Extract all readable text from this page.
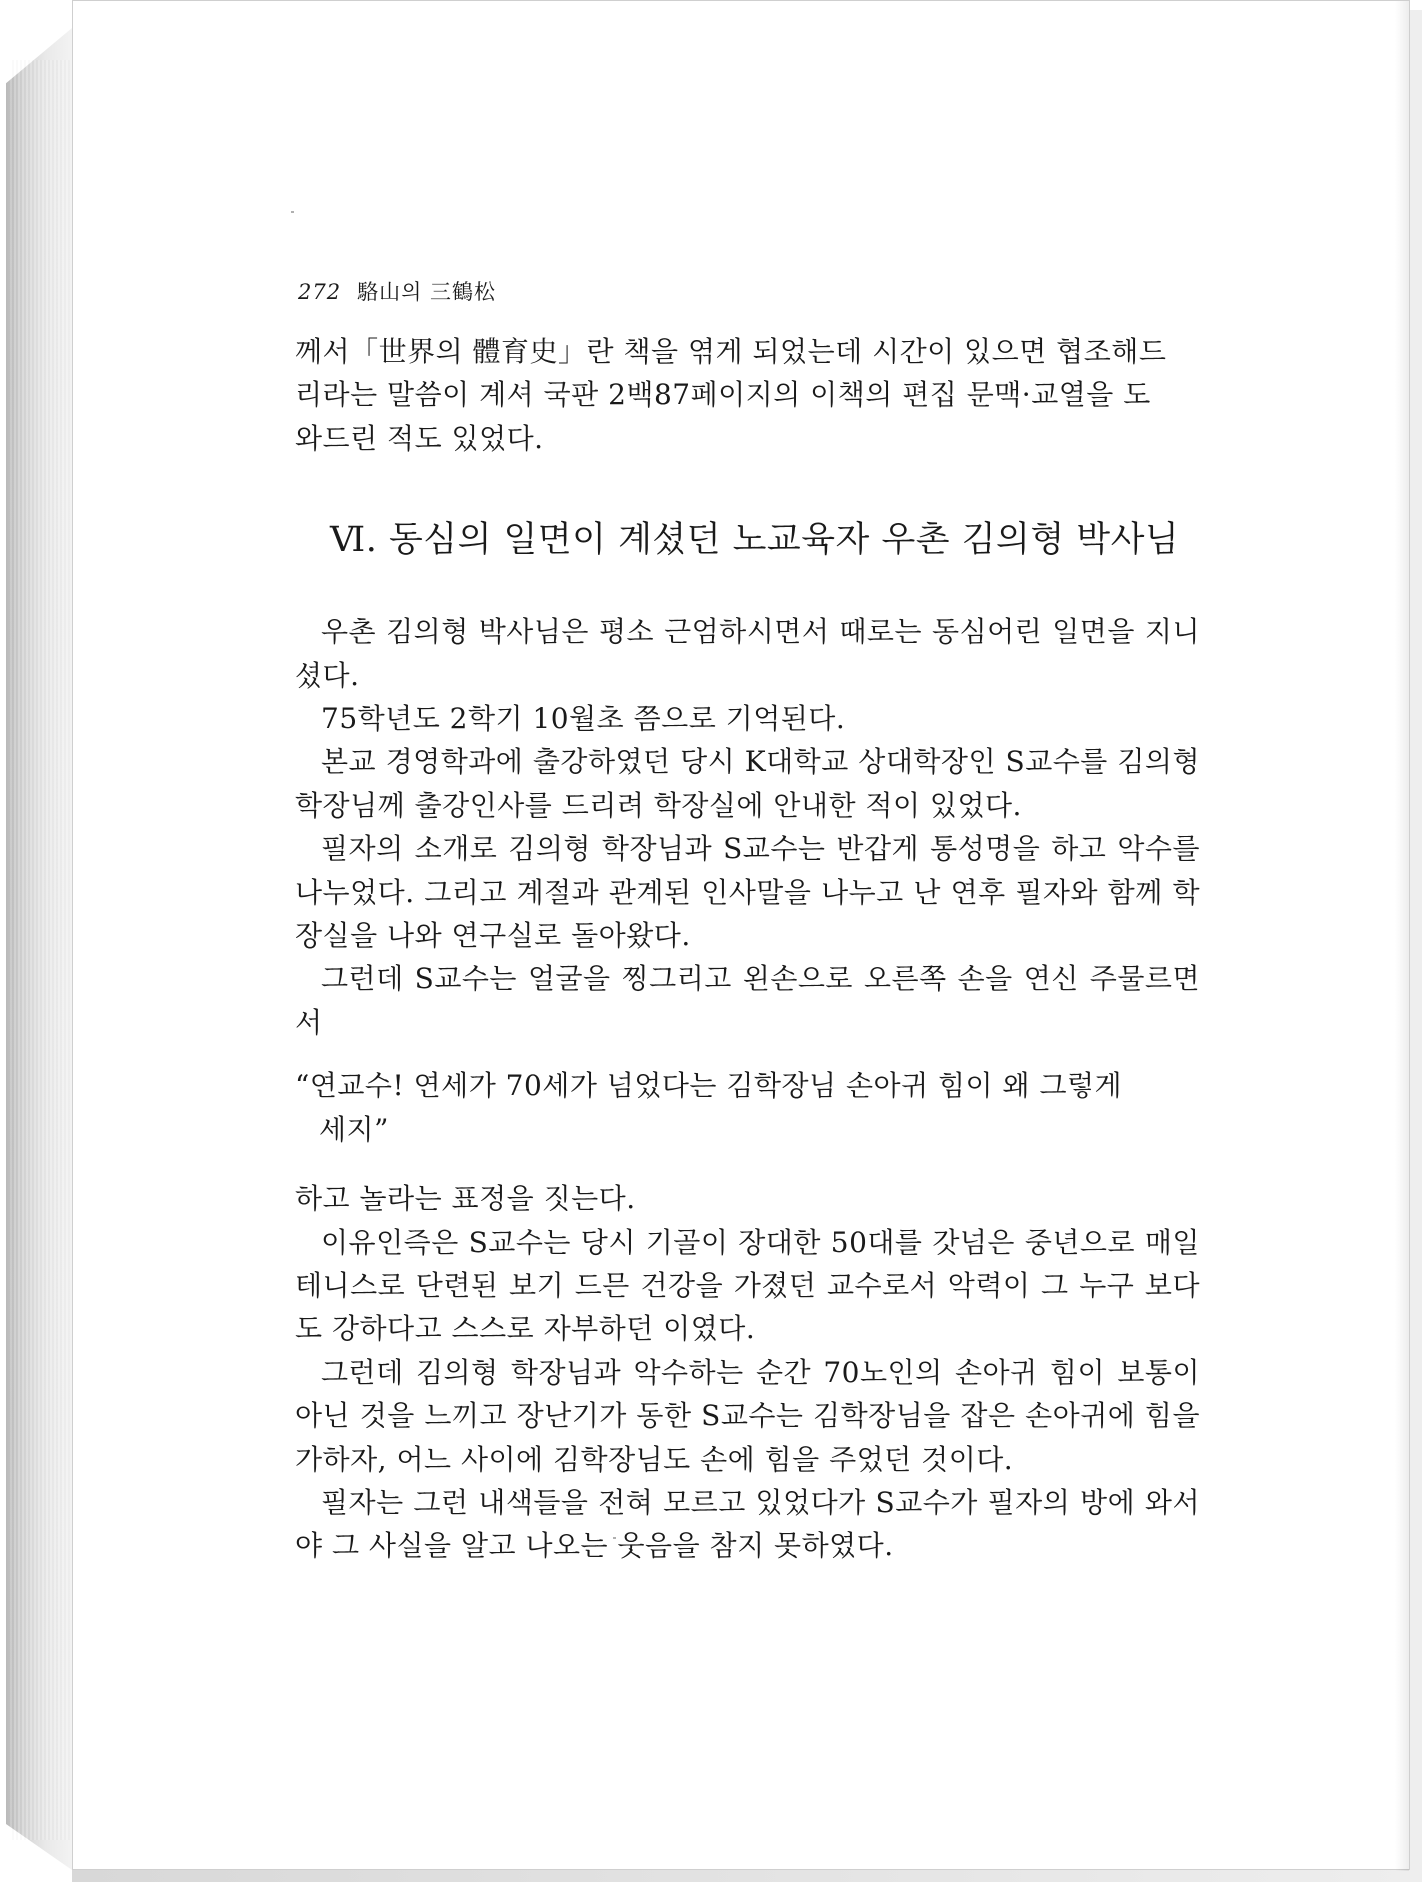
272 駱山의 三鶴松

께서「世界의 體育史」란 책을 엮게 되었는데 시간이 있으면 협조해드
리라는 말씀이 계셔 국판 2백87페이지의 이책의 편집 문맥·교열을 도
와드린 적도 있었다.

Ⅵ. 동심의 일면이 계셨던 노교육자 우촌 김의형 박사님

우촌 김의형 박사님은 평소 근엄하시면서 때로는 동심어린 일면을 지니셨다.

75학년도 2학기 10월초 쯤으로 기억된다.

본교 경영학과에 출강하였던 당시 K대학교 상대학장인 S교수를 김의형 학장님께 출강인사를 드리려 학장실에 안내한 적이 있었다.

필자의 소개로 김의형 학장님과 S교수는 반갑게 통성명을 하고 악수를 나누었다. 그리고 계절과 관계된 인사말을 나누고 난 연후 필자와 함께 학장실을 나와 연구실로 돌아왔다.

그런데 S교수는 얼굴을 찡그리고 왼손으로 오른쪽 손을 연신 주물르면서

“연교수! 연세가 70세가 넘었다는 김학장님 손아귀 힘이 왜 그렇게
세지”

하고 놀라는 표정을 짓는다.

이유인즉은 S교수는 당시 기골이 장대한 50대를 갓넘은 중년으로 매일 테니스로 단련된 보기 드믄 건강을 가졌던 교수로서 악력이 그 누구 보다도 강하다고 스스로 자부하던 이였다.

그런데 김의형 학장님과 악수하는 순간 70노인의 손아귀 힘이 보통이 아닌 것을 느끼고 장난기가 동한 S교수는 김학장님을 잡은 손아귀에 힘을 가하자, 어느 사이에 김학장님도 손에 힘을 주었던 것이다.

필자는 그런 내색들을 전혀 모르고 있었다가 S교수가 필자의 방에 와서야 그 사실을 알고 나오는 웃음을 참지 못하였다.
